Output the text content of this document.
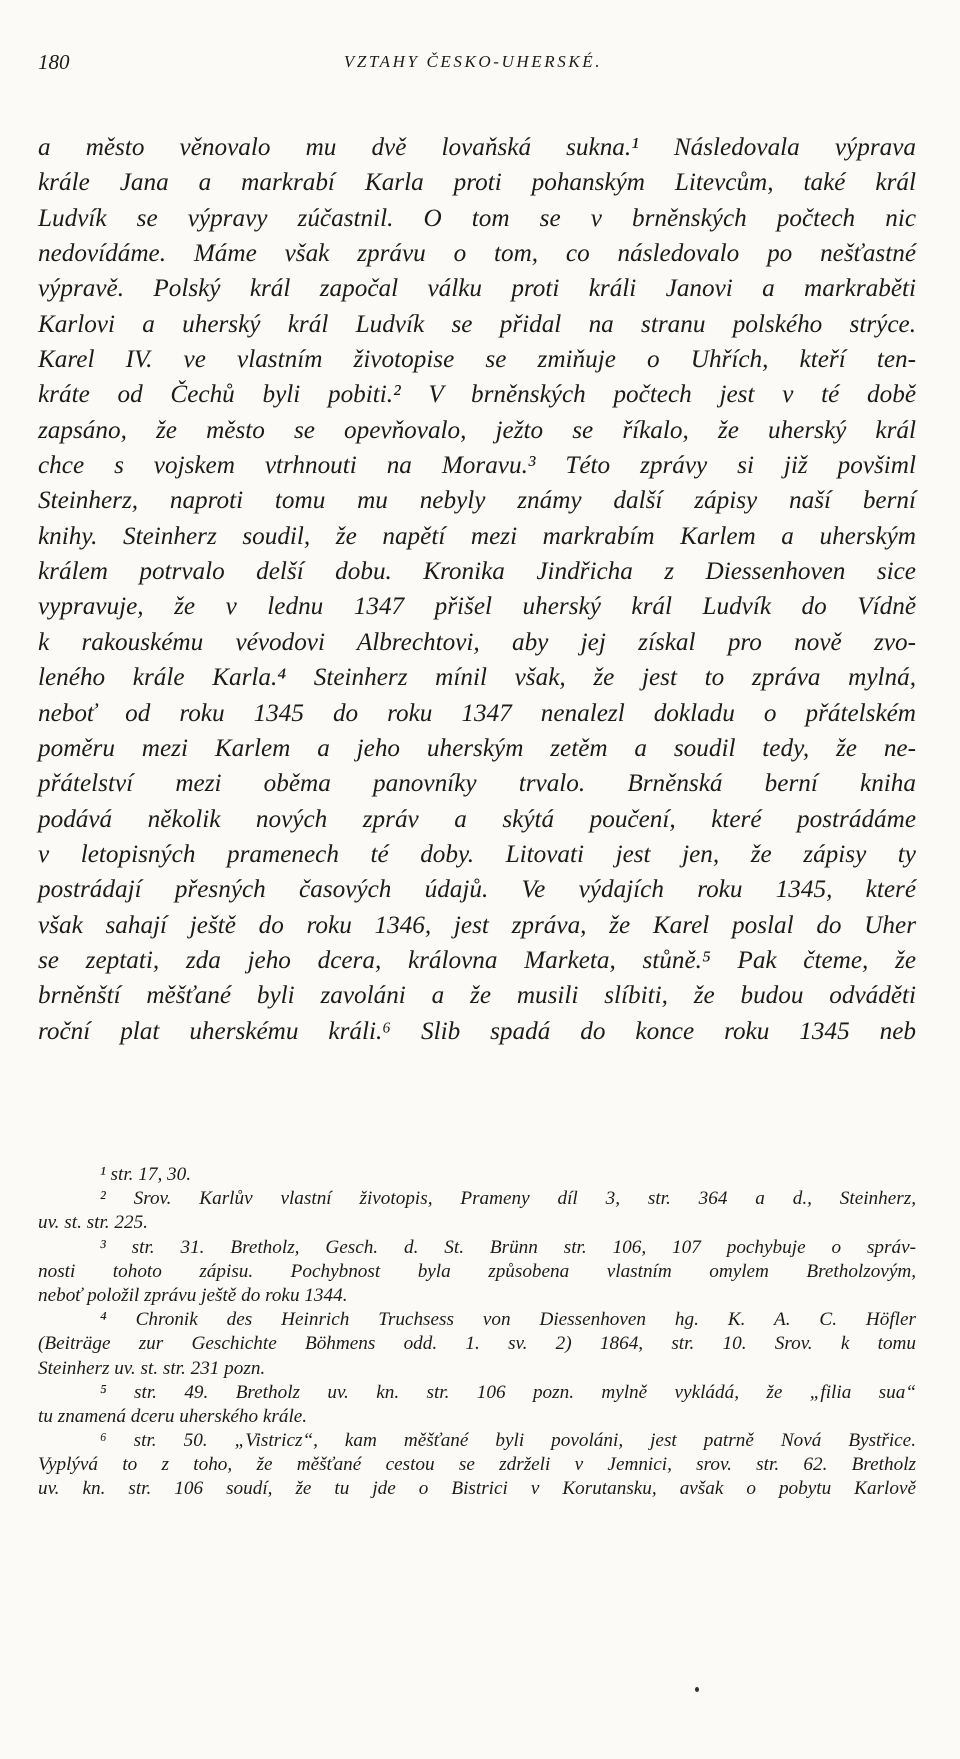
180	VZTAHY ČESKO-UHERSKÉ.
a město věnovalo mu dvě lovaňská sukna.¹ Následovala výprava
krále Jana a markrabí Karla proti pohanským Litevcům, také král
Ludvík se výpravy zúčastnil. O tom se v brněnských počtech nic
nedovídáme. Máme však zprávu o tom, co následovalo po nešťastné
výpravě. Polský král započal válku proti králi Janovi a markraběti
Karlovi a uherský král Ludvík se přidal na stranu polského strýce.
Karel IV. ve vlastním životopise se zmiňuje o Uhřích, kteří ten-
kráte od Čechů byli pobiti.² V brněnských počtech jest v té době
zapsáno, že město se opevňovalo, ježto se říkalo, že uherský král
chce s vojskem vtrhnouti na Moravu.³ Této zprávy si již povšiml
Steinherz, naproti tomu mu nebyly známy další zápisy naší berní
knihy. Steinherz soudil, že napětí mezi markrabím Karlem a uherským
králem potrvalo delší dobu. Kronika Jindřicha z Diessenhoven sice
vypravuje, že v lednu 1347 přišel uherský král Ludvík do Vídně
k rakouskému vévodovi Albrechtovi, aby jej získal pro nově zvo-
leného krále Karla.⁴ Steinherz mínil však, že jest to zpráva mylná,
neboť od roku 1345 do roku 1347 nenalezl dokladu o přátelském
poměru mezi Karlem a jeho uherským zetěm a soudil tedy, že ne-
přátelství mezi oběma panovníky trvalo. Brněnská berní kniha
podává několik nových zpráv a skýtá poučení, které postrádáme
v letopisných pramenech té doby. Litovati jest jen, že zápisy ty
postrádají přesných časových údajů. Ve výdajích roku 1345, které
však sahají ještě do roku 1346, jest zpráva, že Karel poslal do Uher
se zeptati, zda jeho dcera, královna Marketa, stůně.⁵ Pak čteme, že
brněnští měšťané byli zavoláni a že musili slíbiti, že budou odváděti
roční plat uherskému králi.⁶ Slib spadá do konce roku 1345 neb
¹ str. 17, 30.
² Srov. Karlův vlastní životopis, Prameny díl 3, str. 364 a d., Steinherz,
uv. st. str. 225.
³ str. 31. Bretholz, Gesch. d. St. Brünn str. 106, 107 pochybuje o správ-
nosti tohoto zápisu. Pochybnost byla způsobena vlastním omylem Bretholzovým,
neboť položil zprávu ještě do roku 1344.
⁴ Chronik des Heinrich Truchsess von Diessenhoven hg. K. A. C. Höfler
(Beiträge zur Geschichte Böhmens odd. 1. sv. 2) 1864, str. 10. Srov. k tomu
Steinherz uv. st. str. 231 pozn.
⁵ str. 49. Bretholz uv. kn. str. 106 pozn. mylně vykládá, že „filia sua“
tu znamená dceru uherského krále.
⁶ str. 50. „Vistricz“, kam měšťané byli povoláni, jest patrně Nová Bystřice.
Vyplývá to z toho, že měšťané cestou se zdrželi v Jemnici, srov. str. 62. Bretholz
uv. kn. str. 106 soudí, že tu jde o Bistrici v Korutansku, avšak o pobytu Karlově
